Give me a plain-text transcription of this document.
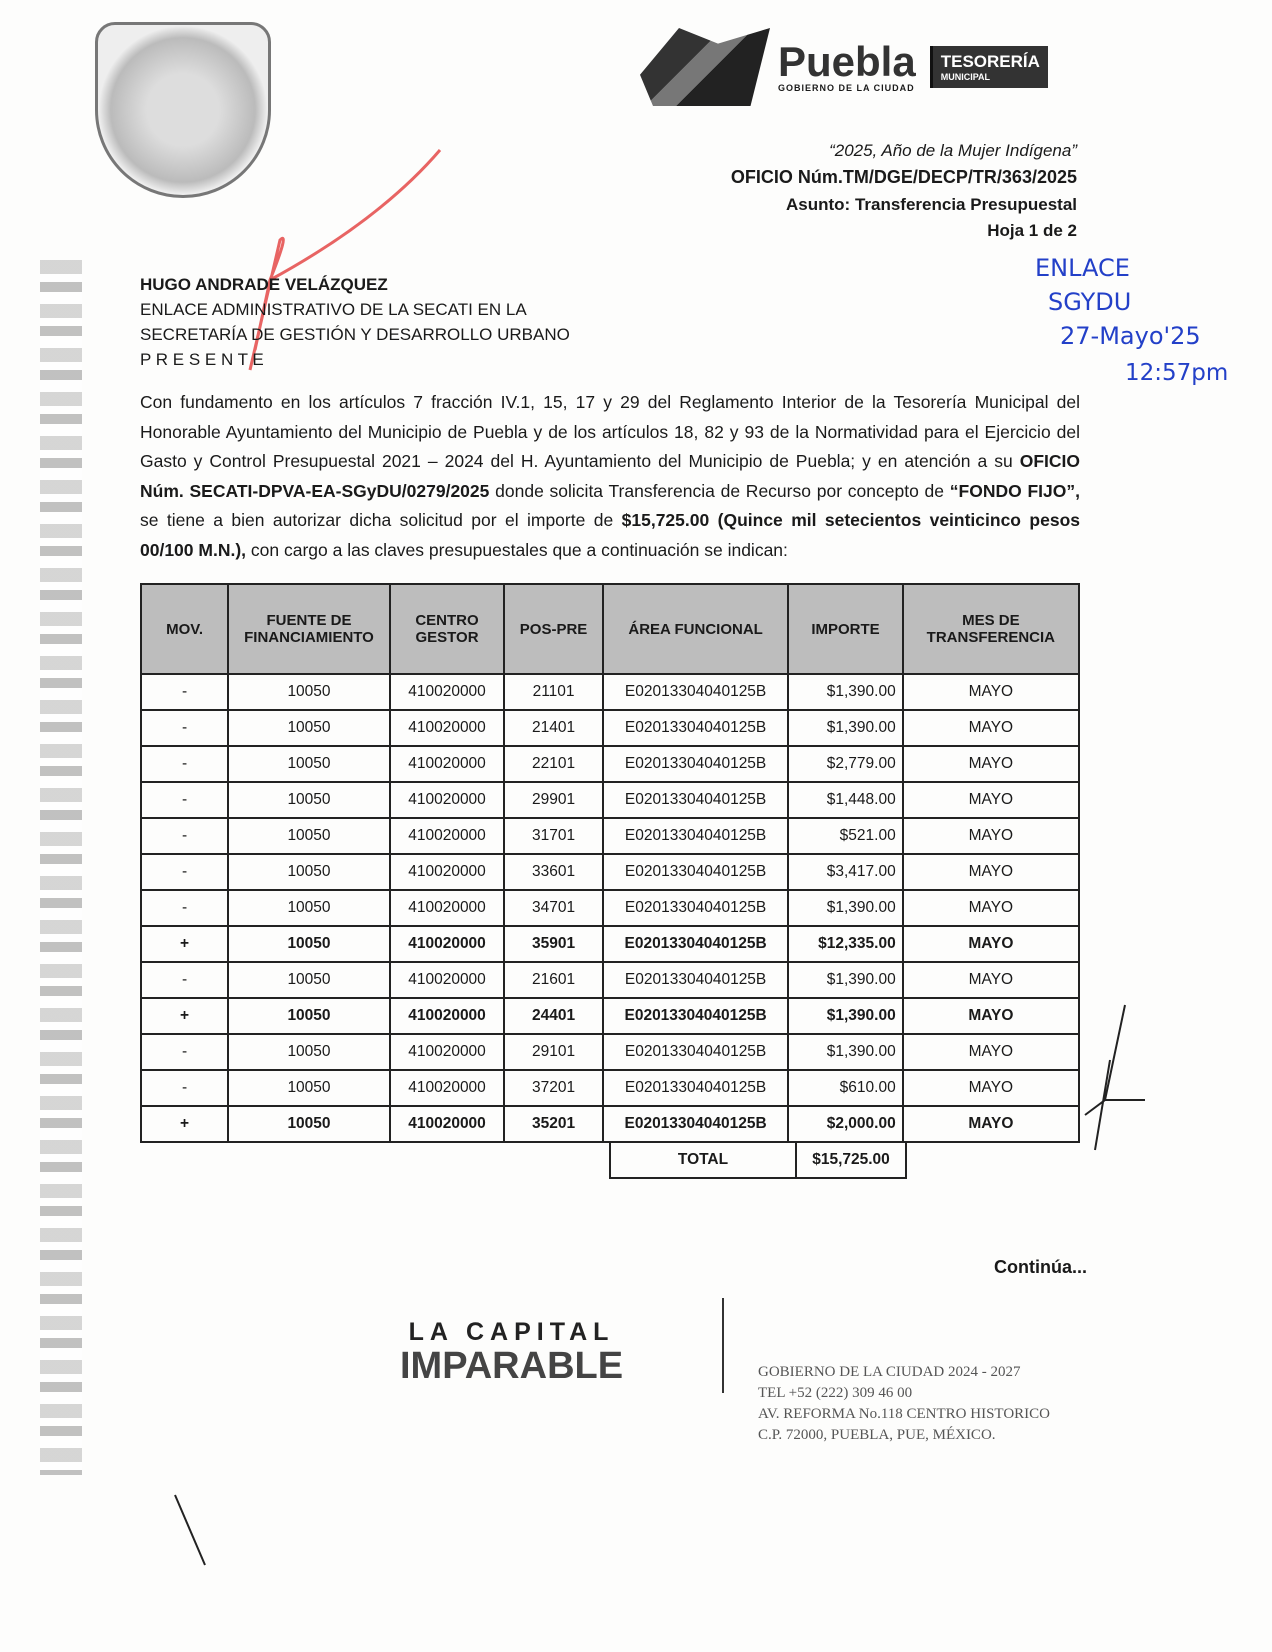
Puebla
GOBIERNO DE LA CIUDAD
TESORERÍA
MUNICIPAL
“2025, Año de la Mujer Indígena”
OFICIO Núm.TM/DGE/DECP/TR/363/2025
Asunto: Transferencia Presupuestal
Hoja 1 de 2
ENLACE
SGYDU
27-Mayo'25
12:57pm
HUGO ANDRADE VELÁZQUEZ
ENLACE ADMINISTRATIVO DE LA SECATI EN LA
SECRETARÍA DE GESTIÓN Y DESARROLLO URBANO
P R E S E N T E
Con fundamento en los artículos 7 fracción IV.1, 15, 17 y 29 del Reglamento Interior de la Tesorería Municipal del Honorable Ayuntamiento del Municipio de Puebla y de los artículos 18, 82 y 93 de la Normatividad para el Ejercicio del Gasto y Control Presupuestal 2021 – 2024 del H. Ayuntamiento del Municipio de Puebla; y en atención a su OFICIO Núm. SECATI-DPVA-EA-SGyDU/0279/2025 donde solicita Transferencia de Recurso por concepto de “FONDO FIJO”, se tiene a bien autorizar dicha solicitud por el importe de $15,725.00 (Quince mil setecientos veinticinco pesos 00/100 M.N.), con cargo a las claves presupuestales que a continuación se indican:
MOV.	FUENTE DE FINANCIAMIENTO	CENTRO GESTOR	POS-PRE	ÁREA FUNCIONAL	IMPORTE	MES DE TRANSFERENCIA
-	10050	410020000	21101	E02013304040125B	$1,390.00	MAYO
-	10050	410020000	21401	E02013304040125B	$1,390.00	MAYO
-	10050	410020000	22101	E02013304040125B	$2,779.00	MAYO
-	10050	410020000	29901	E02013304040125B	$1,448.00	MAYO
-	10050	410020000	31701	E02013304040125B	$521.00	MAYO
-	10050	410020000	33601	E02013304040125B	$3,417.00	MAYO
-	10050	410020000	34701	E02013304040125B	$1,390.00	MAYO
+	10050	410020000	35901	E02013304040125B	$12,335.00	MAYO
-	10050	410020000	21601	E02013304040125B	$1,390.00	MAYO
+	10050	410020000	24401	E02013304040125B	$1,390.00	MAYO
-	10050	410020000	29101	E02013304040125B	$1,390.00	MAYO
-	10050	410020000	37201	E02013304040125B	$610.00	MAYO
+	10050	410020000	35201	E02013304040125B	$2,000.00	MAYO
TOTAL	$15,725.00
Continúa...
LA CAPITAL
IMPARABLE	GOBIERNO DE LA CIUDAD 2024 - 2027
TEL +52 (222) 309 46 00
AV. REFORMA No.118 CENTRO HISTORICO
C.P. 72000, PUEBLA, PUE, MÉXICO.
